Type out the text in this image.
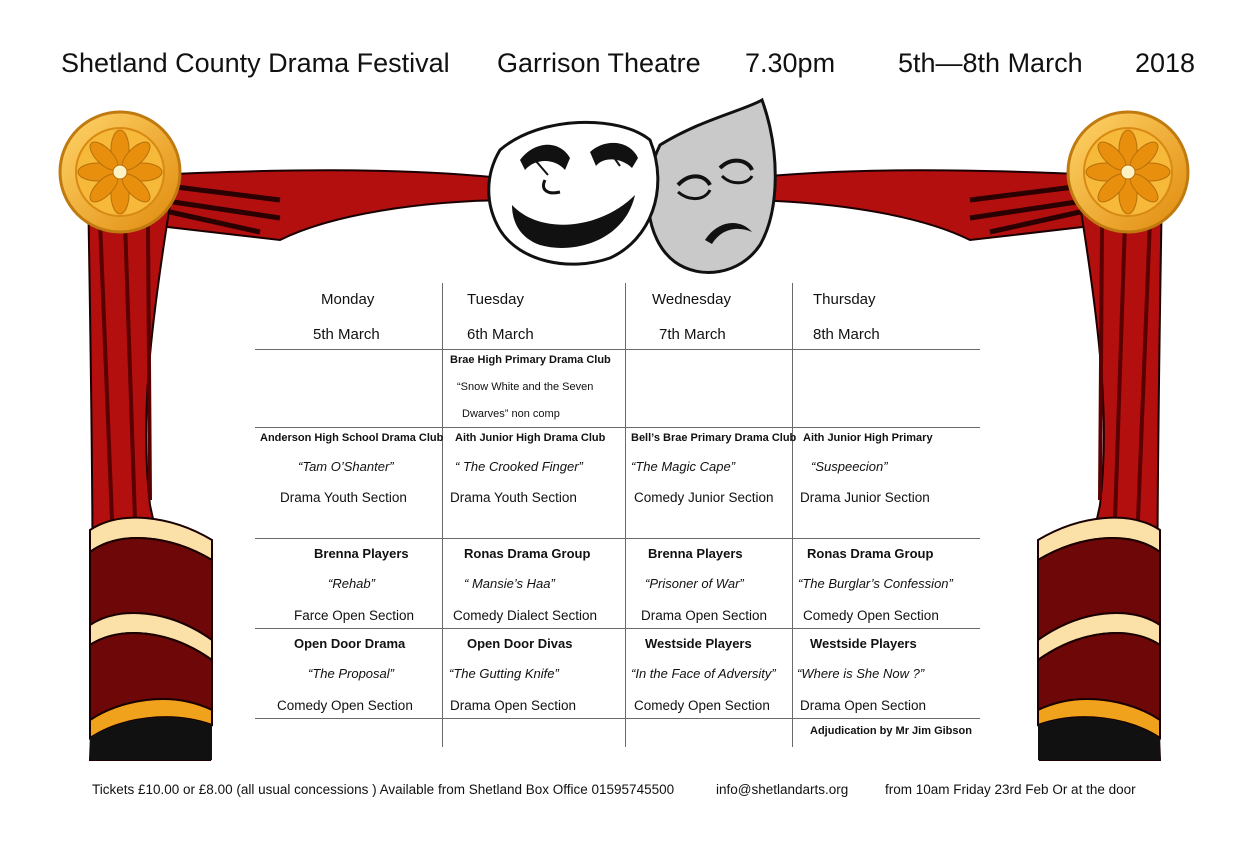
Shetland County Drama Festival Garrison Theatre 7.30pm 5th—8th March 2018
Monday
5th March
Tuesday
6th March
Wednesday
7th March
Thursday
8th March
Brae High Primary Drama Club
“Snow White and the Seven
Dwarves” non comp
Anderson High School Drama Club
“Tam O’Shanter”
Drama Youth Section
Aith Junior High Drama Club
“ The Crooked Finger”
Drama Youth Section
Bell’s Brae Primary Drama Club
“The Magic Cape”
Comedy Junior Section
Aith Junior High Primary
“Suspeecion”
Drama Junior Section
Brenna Players
“Rehab”
Farce Open Section
Ronas Drama Group
“ Mansie’s Haa”
Comedy Dialect Section
Brenna Players
“Prisoner of War”
Drama Open Section
Ronas Drama Group
“The Burglar’s Confession”
Comedy Open Section
Open Door Drama
“The Proposal”
Comedy Open Section
Open Door Divas
“The Gutting Knife”
Drama Open Section
Westside Players
“In the Face of Adversity”
Comedy Open Section
Westside Players
“Where is She Now ?”
Drama Open Section
Adjudication by Mr Jim Gibson
Tickets £10.00 or £8.00 (all usual concessions ) Available from Shetland Box Office 01595745500	info@shetlandarts.org	from 10am Friday 23rd Feb Or at the door
